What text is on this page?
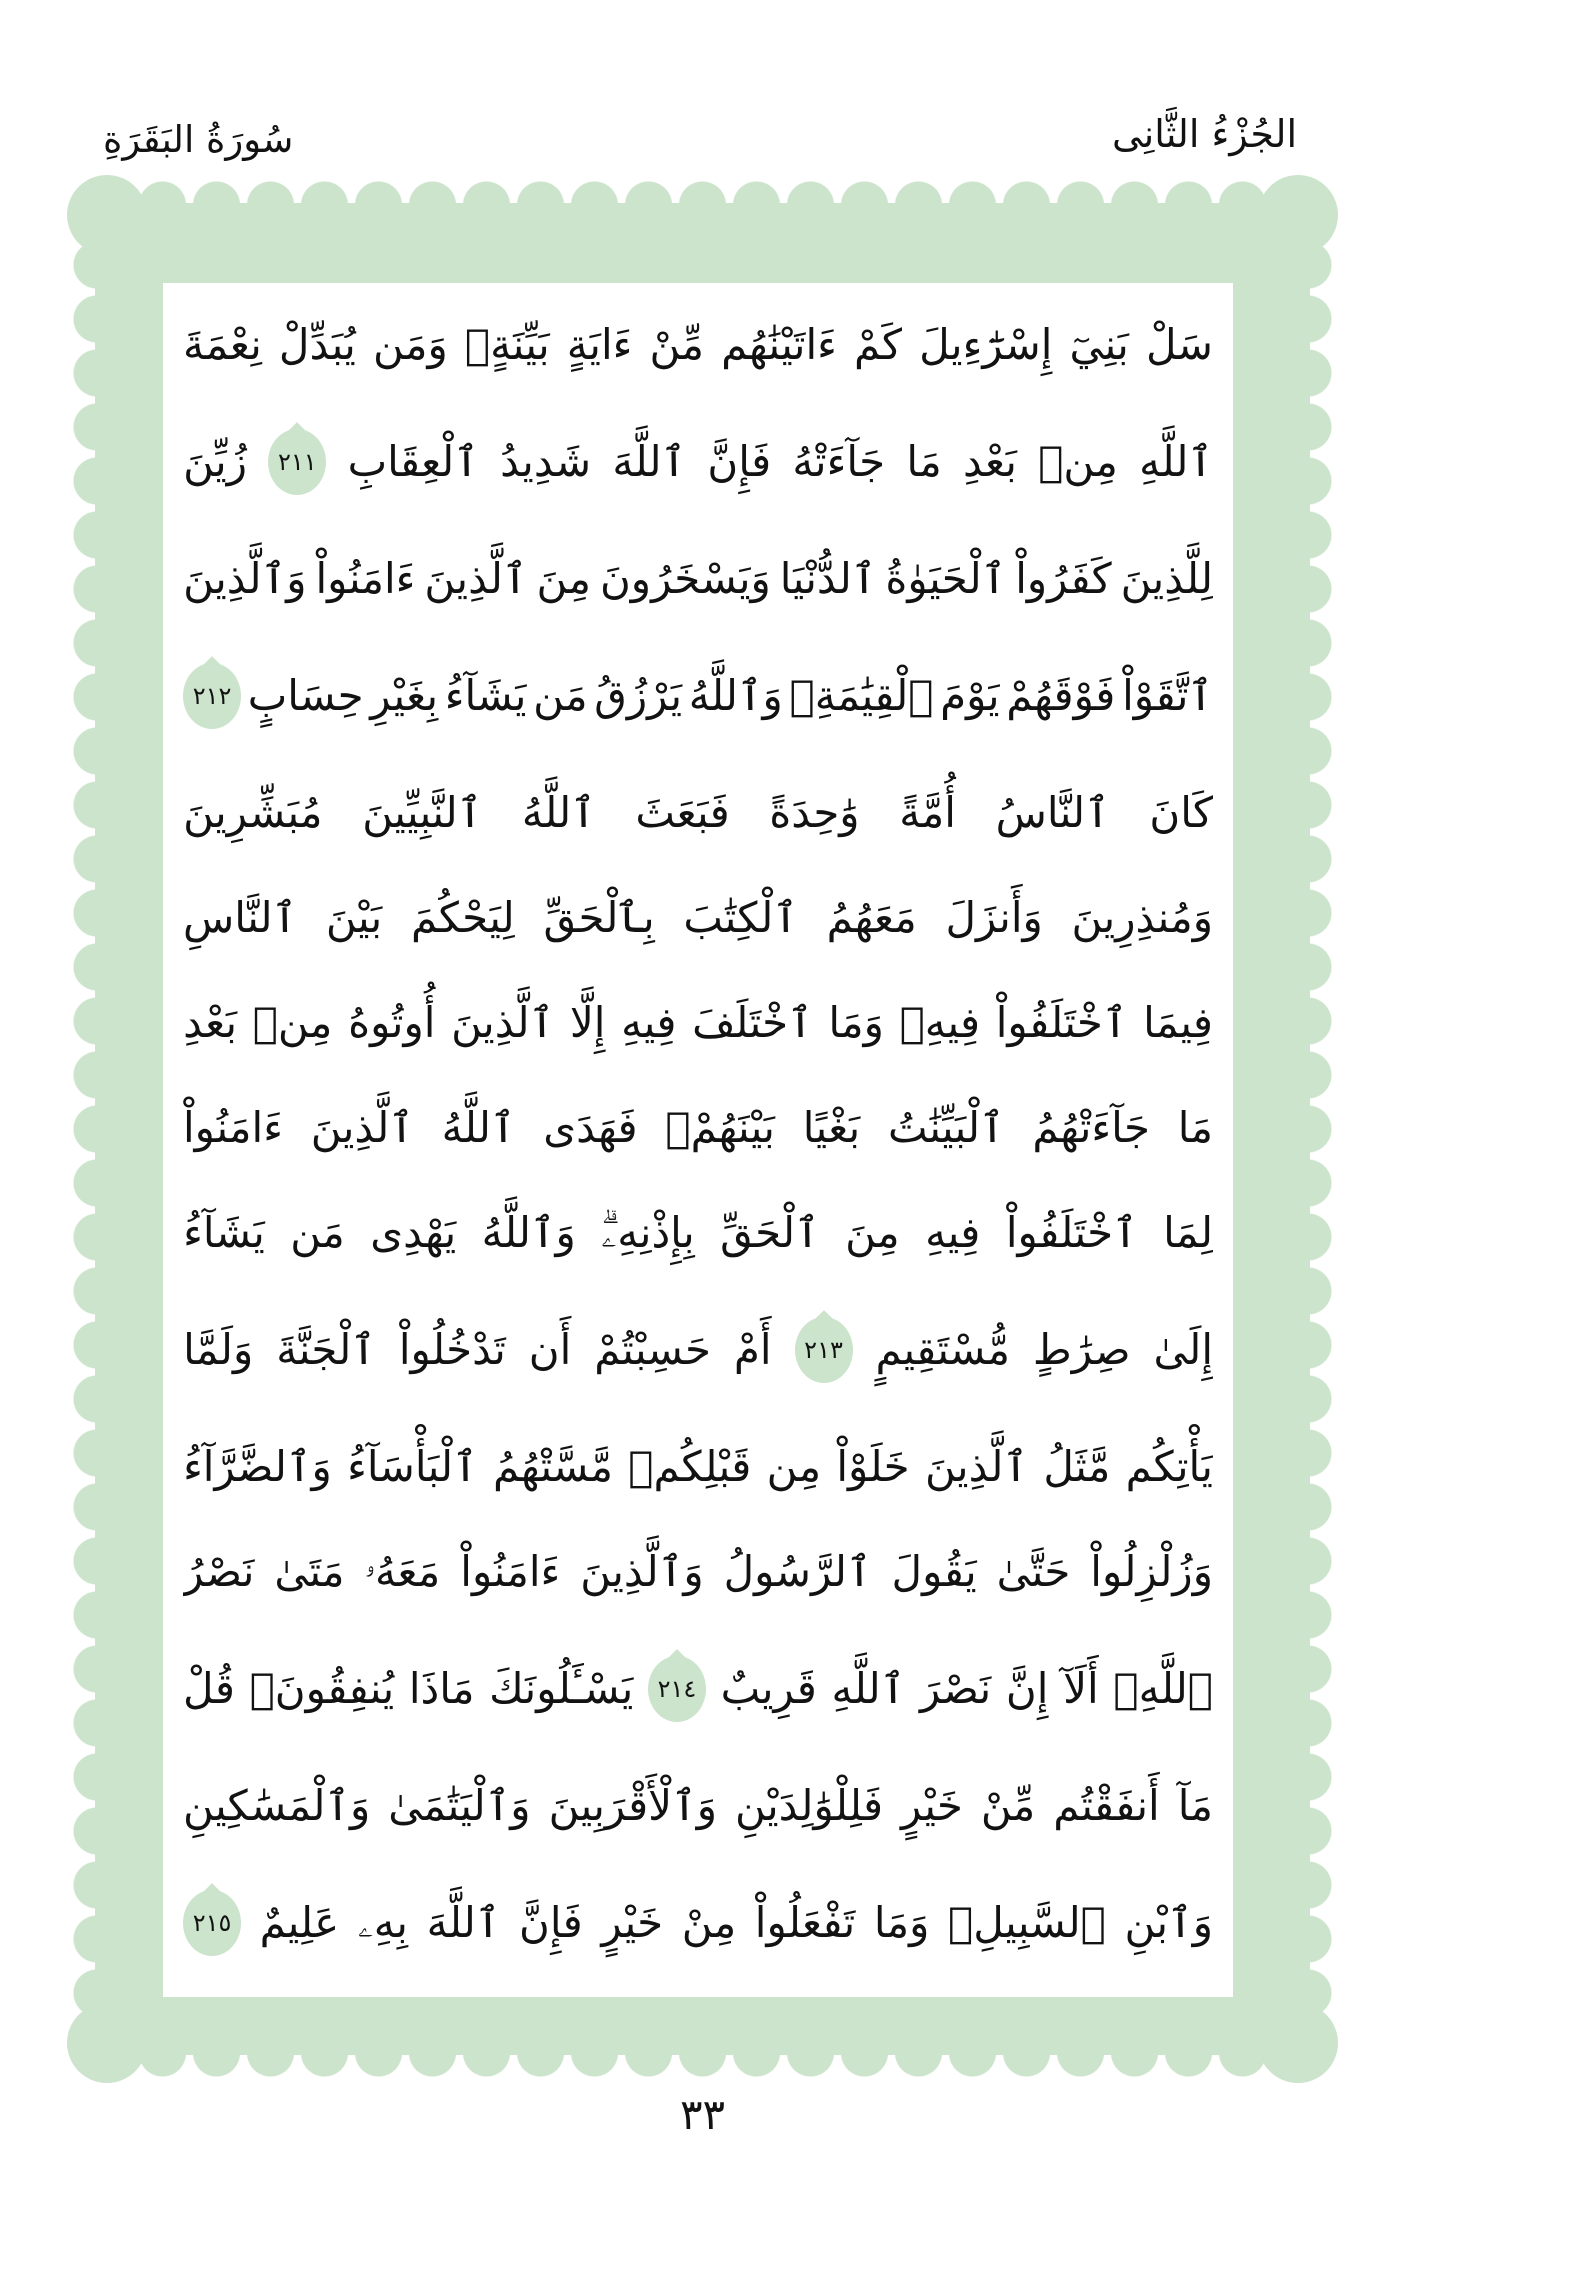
الجُزْءُ الثَّانِى
سُورَةُ البَقَرَةِ
سَلْ
بَنِيٓ
إِسْرَٰٓءِيلَ
كَمْ
ءَاتَيْنَٰهُم
مِّنْ
ءَايَةٍ
بَيِّنَةٍۗ
وَمَن
يُبَدِّلْ
نِعْمَةَ
ٱللَّهِ
مِنۢ
بَعْدِ
مَا
جَآءَتْهُ
فَإِنَّ
ٱللَّهَ
شَدِيدُ
ٱلْعِقَابِ
٢١١
زُيِّنَ
لِلَّذِينَ
كَفَرُواْ
ٱلْحَيَوٰةُ
ٱلدُّنْيَا
وَيَسْخَرُونَ
مِنَ
ٱلَّذِينَ
ءَامَنُواْ
وَٱلَّذِينَ
ٱتَّقَوْاْ
فَوْقَهُمْ
يَوْمَ
ٱلْقِيَٰمَةِۗ
وَٱللَّهُ
يَرْزُقُ
مَن
يَشَآءُ
بِغَيْرِ
حِسَابٍ
٢١٢
كَانَ
ٱلنَّاسُ
أُمَّةً
وَٰحِدَةً
فَبَعَثَ
ٱللَّهُ
ٱلنَّبِيِّينَ
مُبَشِّرِينَ
وَمُنذِرِينَ
وَأَنزَلَ
مَعَهُمُ
ٱلْكِتَٰبَ
بِٱلْحَقِّ
لِيَحْكُمَ
بَيْنَ
ٱلنَّاسِ
فِيمَا
ٱخْتَلَفُواْ
فِيهِۚ
وَمَا
ٱخْتَلَفَ
فِيهِ
إِلَّا
ٱلَّذِينَ
أُوتُوهُ
مِنۢ
بَعْدِ
مَا
جَآءَتْهُمُ
ٱلْبَيِّنَٰتُ
بَغْيًا
بَيْنَهُمْۖ
فَهَدَى
ٱللَّهُ
ٱلَّذِينَ
ءَامَنُواْ
لِمَا
ٱخْتَلَفُواْ
فِيهِ
مِنَ
ٱلْحَقِّ
بِإِذْنِهِۦۗ
وَٱللَّهُ
يَهْدِى
مَن
يَشَآءُ
إِلَىٰ
صِرَٰطٍ
مُّسْتَقِيمٍ
٢١٣
أَمْ
حَسِبْتُمْ
أَن
تَدْخُلُواْ
ٱلْجَنَّةَ
وَلَمَّا
يَأْتِكُم
مَّثَلُ
ٱلَّذِينَ
خَلَوْاْ
مِن
قَبْلِكُمۖ
مَّسَّتْهُمُ
ٱلْبَأْسَآءُ
وَٱلضَّرَّآءُ
وَزُلْزِلُواْ
حَتَّىٰ
يَقُولَ
ٱلرَّسُولُ
وَٱلَّذِينَ
ءَامَنُواْ
مَعَهُۥ
مَتَىٰ
نَصْرُ
ٱللَّهِۗ
أَلَآ
إِنَّ
نَصْرَ
ٱللَّهِ
قَرِيبٌ
٢١٤
يَسْـَٔلُونَكَ
مَاذَا
يُنفِقُونَۖ
قُلْ
مَآ
أَنفَقْتُم
مِّنْ
خَيْرٍ
فَلِلْوَٰلِدَيْنِ
وَٱلْأَقْرَبِينَ
وَٱلْيَتَٰمَىٰ
وَٱلْمَسَٰكِينِ
وَٱبْنِ
ٱلسَّبِيلِۗ
وَمَا
تَفْعَلُواْ
مِنْ
خَيْرٍ
فَإِنَّ
ٱللَّهَ
بِهِۦ
عَلِيمٌ
٢١٥
٣٣
